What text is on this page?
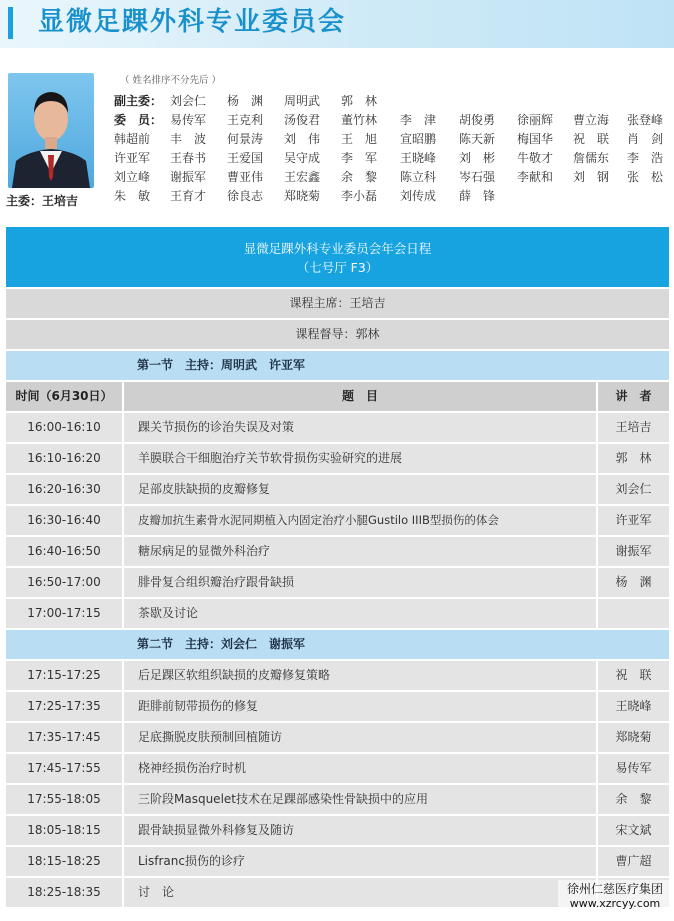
显微足踝外科专业委员会
主委：王培吉
（ 姓名排序不分先后 ）
副主委： 刘会仁 杨　渊 周明武 郭　林
委　员： 易传军 王克利 汤俊君 董竹林 李　津 胡俊勇 徐丽辉 曹立海 张登峰
韩超前 丰　波 何景涛 刘　伟 王　旭 宣昭鹏 陈天新 梅国华 祝　联 肖　剑
许亚军 王春书 王爱国 吴守成 李　军 王晓峰 刘　彬 牛敬才 詹儒东 李　浩
刘立峰 谢振军 曹亚伟 王宏鑫 余　黎 陈立科 岑石强 李献和 刘　钢 张　松
朱　敏 王育才 徐良志 郑晓菊 李小磊 刘传成 薛　锋
显微足踝外科专业委员会年会日程
（七号厅 F3）
课程主席：王培吉
课程督导：郭林
第一节　主持：周明武　许亚军
时间（6月30日）	题　目	讲　者
16:00-16:10	踝关节损伤的诊治失误及对策	王培吉
16:10-16:20	羊膜联合干细胞治疗关节软骨损伤实验研究的进展	郭　林
16:20-16:30	足部皮肤缺损的皮瓣修复	刘会仁
16:30-16:40	皮瓣加抗生素骨水泥同期植入内固定治疗小腿Gustilo IIIB型损伤的体会	许亚军
16:40-16:50	糖尿病足的显微外科治疗	谢振军
16:50-17:00	腓骨复合组织瓣治疗跟骨缺损	杨　渊
17:00-17:15	茶歇及讨论
第二节　主持：刘会仁　谢振军
17:15-17:25	后足踝区软组织缺损的皮瓣修复策略	祝　联
17:25-17:35	距腓前韧带损伤的修复	王晓峰
17:35-17:45	足底撕脱皮肤预制回植随访	郑晓菊
17:45-17:55	桡神经损伤治疗时机	易传军
17:55-18:05	三阶段Masquelet技术在足踝部感染性骨缺损中的应用	余　黎
18:05-18:15	跟骨缺损显微外科修复及随访	宋文斌
18:15-18:25	Lisfranc损伤的诊疗	曹广超
18:25-18:35	讨　论	徐州仁慈医疗集团
www.xzrcyy.com
